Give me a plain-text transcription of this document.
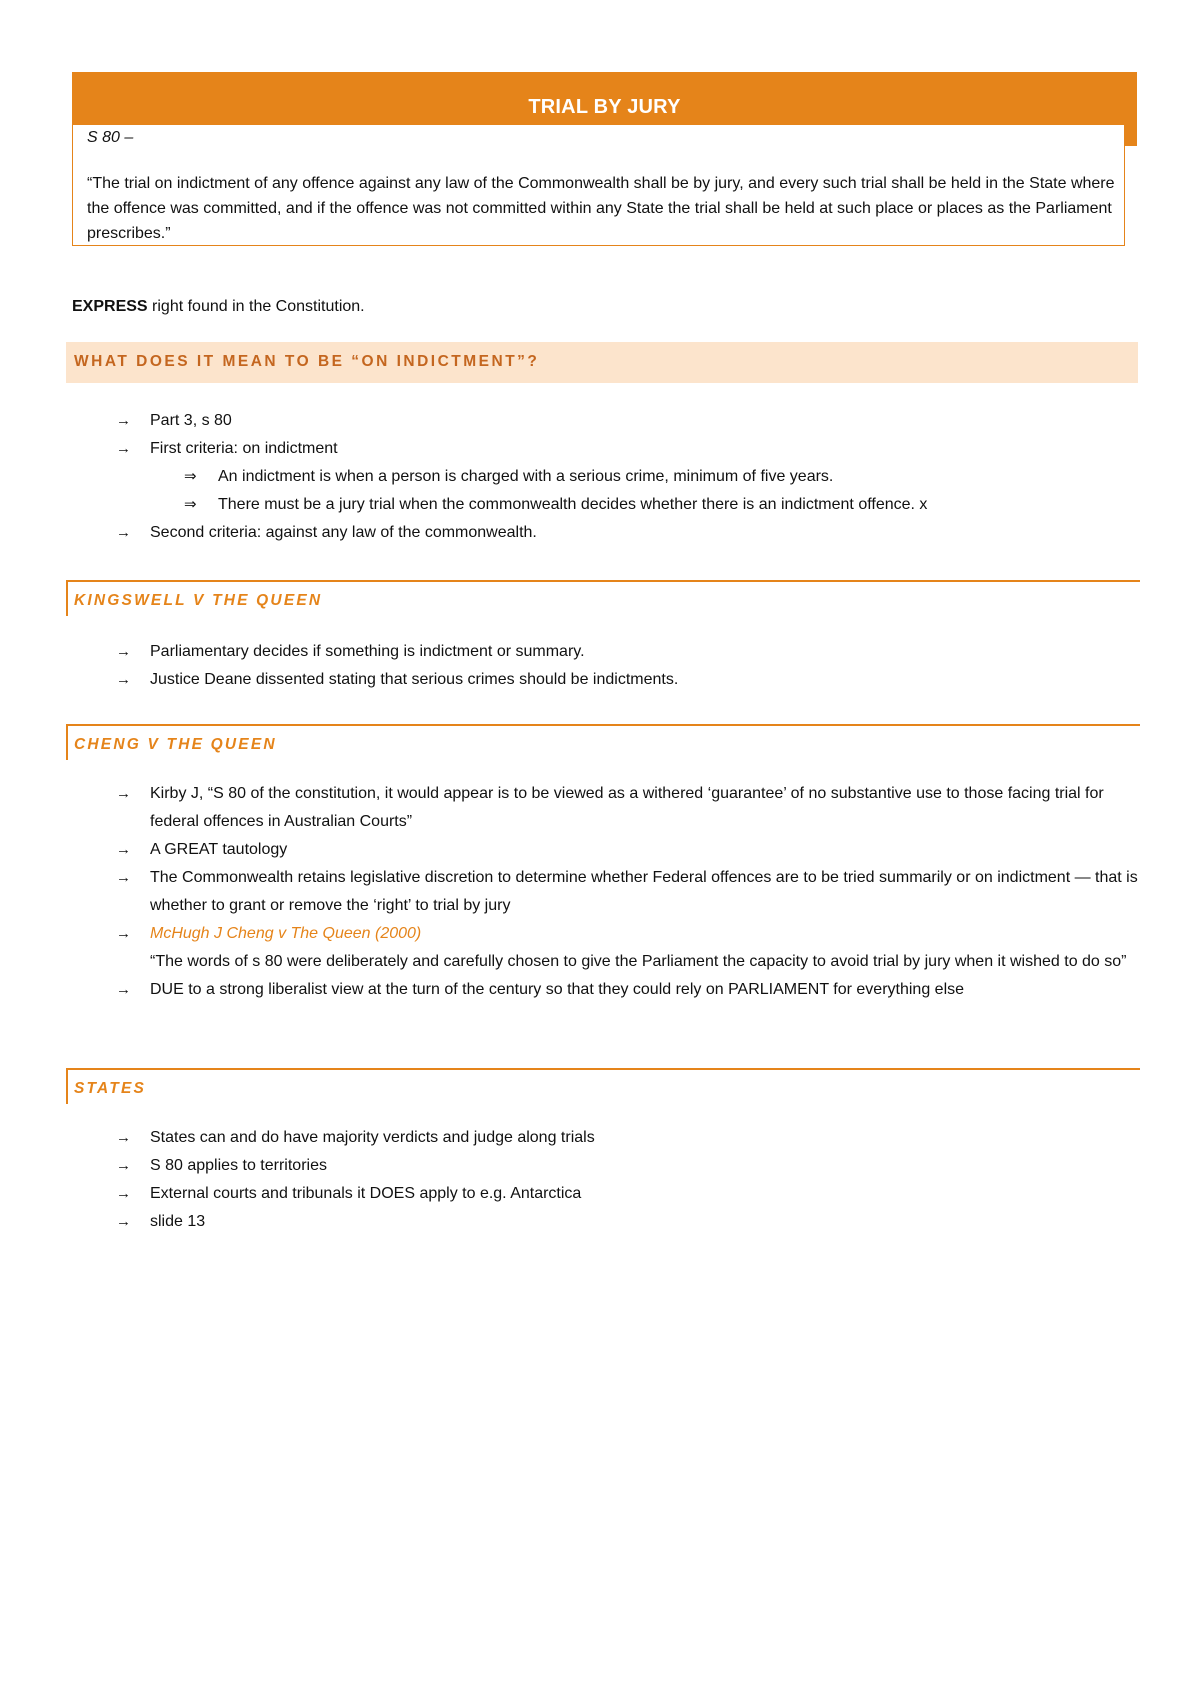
TRIAL BY JURY
S 80 –
“The trial on indictment of any offence against any law of the Commonwealth shall be by jury, and every such trial shall be held in the State where the offence was committed, and if the offence was not committed within any State the trial shall be held at such place or places as the Parliament prescribes.”
EXPRESS right found in the Constitution.
WHAT DOES IT MEAN TO BE “ON INDICTMENT”?
→ Part 3, s 80
→ First criteria: on indictment
⇒ An indictment is when a person is charged with a serious crime, minimum of five years.
⇒ There must be a jury trial when the commonwealth decides whether there is an indictment offence. x
→ Second criteria: against any law of the commonwealth.
KINGSWELL V THE QUEEN
→ Parliamentary decides if something is indictment or summary.
→ Justice Deane dissented stating that serious crimes should be indictments.
CHENG V THE QUEEN
→ Kirby J, “S 80 of the constitution, it would appear is to be viewed as a withered ‘guarantee’ of no substantive use to those facing trial for federal offences in Australian Courts”
→ A GREAT tautology
→ The Commonwealth retains legislative discretion to determine whether Federal offences are to be tried summarily or on indictment — that is whether to grant or remove the ‘right’ to trial by jury
→ McHugh J Cheng v The Queen (2000)
“The words of s 80 were deliberately and carefully chosen to give the Parliament the capacity to avoid trial by jury when it wished to do so”
→ DUE to a strong liberalist view at the turn of the century so that they could rely on PARLIAMENT for everything else
STATES
→ States can and do have majority verdicts and judge along trials
→ S 80 applies to territories
→ External courts and tribunals it DOES apply to e.g. Antarctica
→ slide 13
